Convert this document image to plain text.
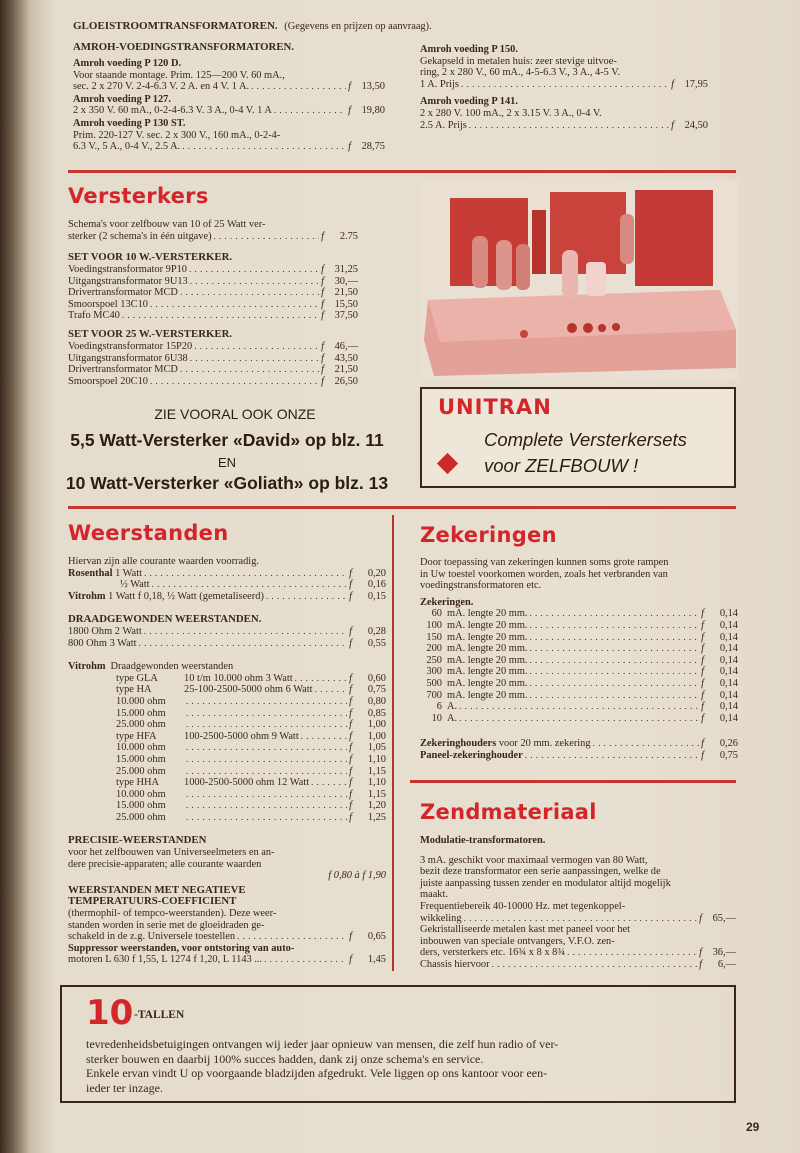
GLOEISTROOMTRANSFORMATOREN. (Gegevens en prijzen op aanvraag).
AMROH-VOEDINGSTRANSFORMATOREN.
Amroh voeding P 120 D.
Voor staande montage. Prim. 125—200 V. 60 mA.,
sec. 2 x 270 V. 2-4-6.3 V. 2 A. en 4 V. 1 A. . . .	f	13,50
Amroh voeding P 127.
2 x 350 V. 60 mA., 0-2-4-6.3 V. 3 A., 0-4 V. 1 A . . .	f	19,80
Amroh voeding P 130 ST.
Prim. 220-127 V. sec. 2 x 300 V., 160 mA., 0-2-4-
6.3 V., 5 A., 0-4 V., 2.5 A. . . .	f	28,75
Amroh voeding P 150.
Gekapseld in metalen huis: zeer stevige uitvoe-
ring, 2 x 280 V., 60 mA., 4-5-6.3 V., 3 A., 4-5 V.
1 A. Prijs . . .	f	17,95
Amroh voeding P 141.
2 x 280 V. 100 mA., 2 x 3.15 V. 3 A., 0-4 V.
2.5 A. Prijs . . .	f	24,50
Versterkers
Schema's voor zelfbouw van 10 of 25 Watt ver-
sterker (2 schema's in één uitgave) . . .	f	2.75
SET VOOR 10 W.-VERSTERKER.
Voedingstransformator 9P10 . . .	f	31,25
Uitgangstransformator 9U13 . . .	f	30,—
Drivertransformator MCD . . .	f	21,50
Smoorspoel 13C10 . . .	f	15,50
Trafo MC40 . . .	f	37,50
SET VOOR 25 W.-VERSTERKER.
Voedingstransformator 15P20 . . .	f	46,—
Uitgangstransformator 6U38 . . .	f	43,50
Drivertransformator MCD . . .	f	21,50
Smoorspoel 20C10 . . .	f	26,50
UNITRAN
Complete Versterkersets
voor ZELFBOUW !
ZIE VOORAL OOK ONZE
5,5 Watt-Versterker «David» op blz. 11
EN
10 Watt-Versterker «Goliath» op blz. 13
Weerstanden
Hiervan zijn alle courante waarden voorradig.
Rosenthal 1 Watt . . .	f	0,20
½ Watt . . .	f	0,16
Vitrohm 1 Watt f 0,18, ½ Watt (gemetaliseerd) . . .	f	0,15
DRAADGEWONDEN WEERSTANDEN.
1800 Ohm 2 Watt . . .	f	0,28
800 Ohm 3 Watt . . .	f	0,55
Vitrohm Draadgewonden weerstanden
type GLA	10 t/m 10.000 ohm 3 Watt . . .	f	0,60
type HA	25-100-2500-5000 ohm 6 Watt . . .	f	0,75
10.000 ohm . . .	f	0,80
15.000 ohm . . .	f	0,85
25.000 ohm . . .	f	1,00
type HFA	100-2500-5000 ohm 9 Watt . . .	f	1,00
10.000 ohm . . .	f	1,05
15.000 ohm . . .	f	1,10
25.000 ohm . . .	f	1,15
type HHA	1000-2500-5000 ohm 12 Watt . . .	f	1,10
10.000 ohm . . .	f	1,15
15.000 ohm . . .	f	1,20
25.000 ohm . . .	f	1,25
PRECISIE-WEERSTANDEN
voor het zelfbouwen van Universeelmeters en an-
dere precisie-apparaten; alle courante waarden
f 0,80 à f 1,90
WEERSTANDEN MET NEGATIEVE
TEMPERATUURS-COEFFICIENT
(thermophil- of tempco-weerstanden). Deze weer-
standen worden in serie met de gloeidraden ge-
schakeld in de z.g. Universele toestellen . . .	f	0,65
Suppressor weerstanden, voor ontstoring van auto-
motoren L 630 f 1,55, L 1274 f 1,20, L 1143 ... . . .	f	1,45
Zekeringen
Door toepassing van zekeringen kunnen soms grote rampen
in Uw toestel voorkomen worden, zoals het verbranden van
voedingstransformatoren etc.
Zekeringen.
60 mA. lengte 20 mm. . . .	f	0,14
100 mA. lengte 20 mm. . . .	f	0,14
150 mA. lengte 20 mm. . . .	f	0,14
200 mA. lengte 20 mm. . . .	f	0,14
250 mA. lengte 20 mm. . . .	f	0,14
300 mA. lengte 20 mm. . . .	f	0,14
500 mA. lengte 20 mm. . . .	f	0,14
700 mA. lengte 20 mm. . . .	f	0,14
6 A. . . .	f	0,14
10 A. . . .	f	0,14
Zekeringhouders voor 20 mm. zekering . . .	f	0,26
Paneel-zekeringhouder . . .	f	0,75
Zendmateriaal
Modulatie-transformatoren.
3 mA. geschikt voor maximaal vermogen van 80 Watt,
bezit deze transformator een serie aanpassingen, welke de
juiste aanpassing tussen zender en modulator altijd mogelijk
maakt.
Frequentiebereik 40-10000 Hz. met tegenkoppel-
wikkeling . . .	f	65,—
Gekristalliseerde metalen kast met paneel voor het
inbouwen van speciale ontvangers, V.F.O. zen-
ders, versterkers etc. 16¾ x 8 x 8¾ . . .	f	36,—
Chassis hiervoor . . .	f	6,—
10 -TALLEN
tevredenheidsbetuigingen ontvangen wij ieder jaar opnieuw van mensen, die zelf hun radio of ver-
sterker bouwen en daarbij 100% succes hadden, dank zij onze schema's en service.
Enkele ervan vindt U op voorgaande bladzijden afgedrukt. Vele liggen op ons kantoor voor een-
ieder ter inzage.
29
